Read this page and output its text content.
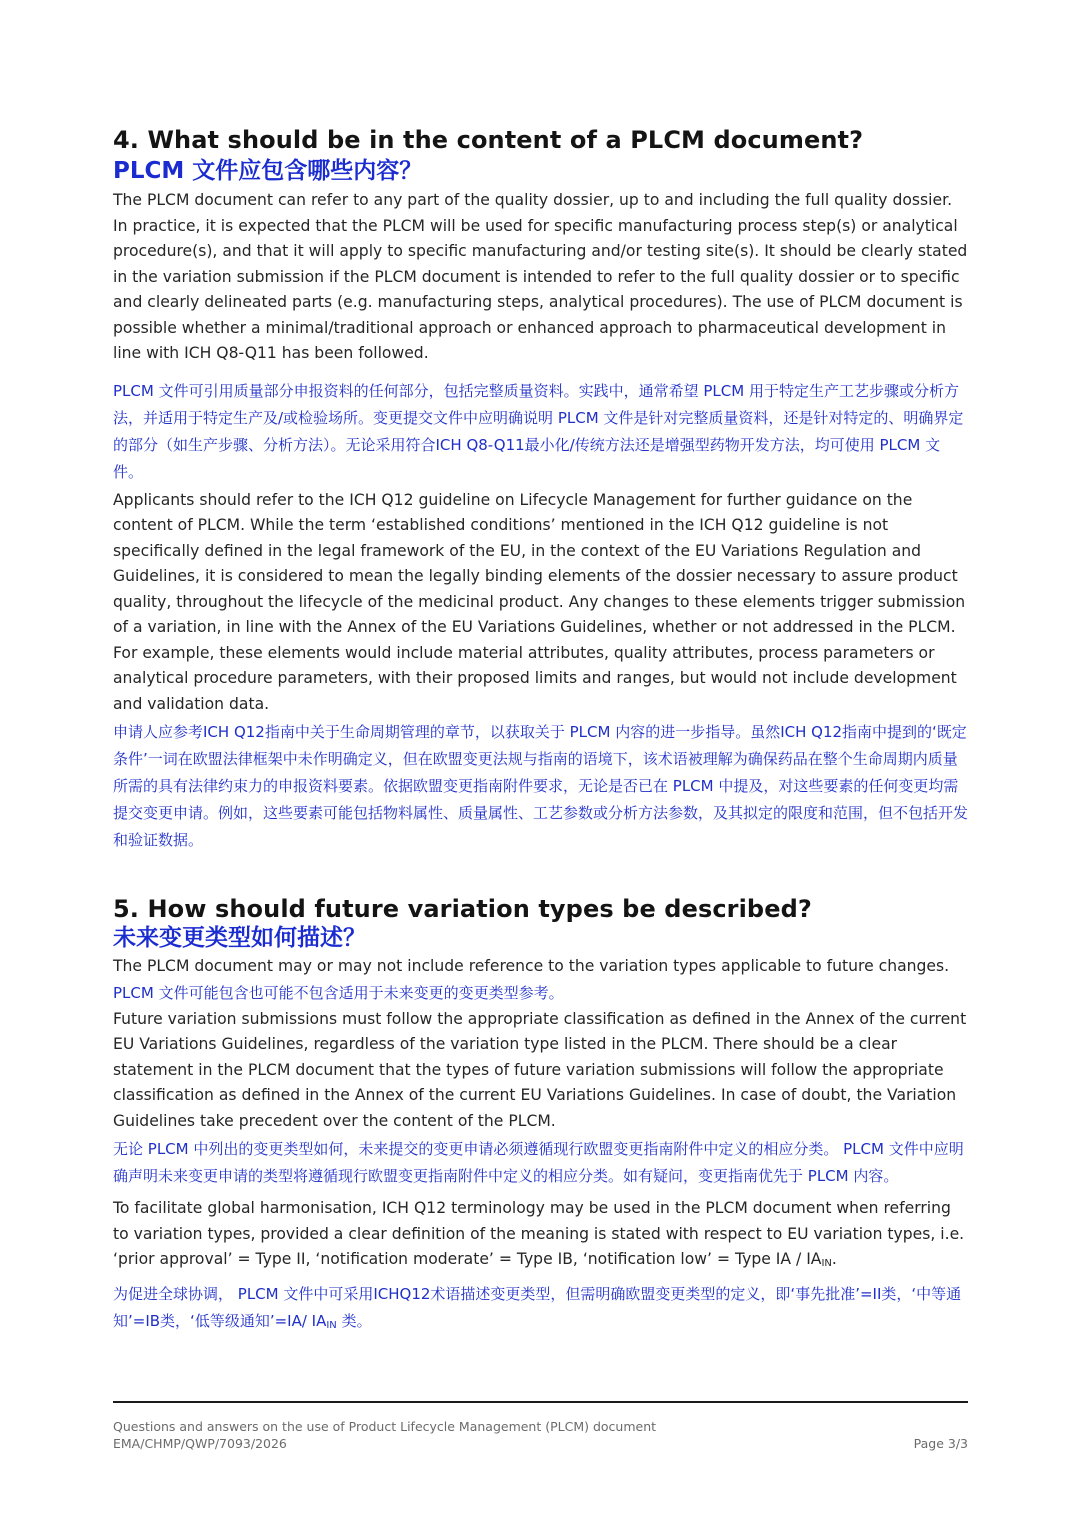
4. What should be in the content of a PLCM document?
PLCM 文件应包含哪些内容？

The PLCM document can refer to any part of the quality dossier, up to and including the full quality dossier. In practice, it is expected that the PLCM will be used for specific manufacturing process step(s) or analytical procedure(s), and that it will apply to specific manufacturing and/or testing site(s). It should be clearly stated in the variation submission if the PLCM document is intended to refer to the full quality dossier or to specific and clearly delineated parts (e.g. manufacturing steps, analytical procedures). The use of PLCM document is possible whether a minimal/traditional approach or enhanced approach to pharmaceutical development in line with ICH Q8-Q11 has been followed.

PLCM 文件可引用质量部分申报资料的任何部分，包括完整质量资料。实践中，通常希望 PLCM 用于特定生产工艺步骤或分析方法，并适用于特定生产及/或检验场所。变更提交文件中应明确说明 PLCM 文件是针对完整质量资料，还是针对特定的、明确界定的部分（如生产步骤、分析方法）。无论采用符合ICH Q8-Q11最小化/传统方法还是增强型药物开发方法，均可使用 PLCM 文件。

Applicants should refer to the ICH Q12 guideline on Lifecycle Management for further guidance on the content of PLCM. While the term ‘established conditions’ mentioned in the ICH Q12 guideline is not specifically defined in the legal framework of the EU, in the context of the EU Variations Regulation and Guidelines, it is considered to mean the legally binding elements of the dossier necessary to assure product quality, throughout the lifecycle of the medicinal product. Any changes to these elements trigger submission of a variation, in line with the Annex of the EU Variations Guidelines, whether or not addressed in the PLCM. For example, these elements would include material attributes, quality attributes, process parameters or analytical procedure parameters, with their proposed limits and ranges, but would not include development and validation data.

申请人应参考ICH Q12指南中关于生命周期管理的章节，以获取关于 PLCM 内容的进一步指导。虽然ICH Q12指南中提到的‘既定条件’一词在欧盟法律框架中未作明确定义，但在欧盟变更法规与指南的语境下，该术语被理解为确保药品在整个生命周期内质量所需的具有法律约束力的申报资料要素。依据欧盟变更指南附件要求，无论是否已在 PLCM 中提及，对这些要素的任何变更均需提交变更申请。例如，这些要素可能包括物料属性、质量属性、工艺参数或分析方法参数，及其拟定的限度和范围，但不包括开发和验证数据。

5. How should future variation types be described?
未来变更类型如何描述？

The PLCM document may or may not include reference to the variation types applicable to future changes.

PLCM 文件可能包含也可能不包含适用于未来变更的变更类型参考。

Future variation submissions must follow the appropriate classification as defined in the Annex of the current EU Variations Guidelines, regardless of the variation type listed in the PLCM. There should be a clear statement in the PLCM document that the types of future variation submissions will follow the appropriate classification as defined in the Annex of the current EU Variations Guidelines. In case of doubt, the Variation Guidelines take precedent over the content of the PLCM.

无论 PLCM 中列出的变更类型如何，未来提交的变更申请必须遵循现行欧盟变更指南附件中定义的相应分类。 PLCM 文件中应明确声明未来变更申请的类型将遵循现行欧盟变更指南附件中定义的相应分类。如有疑问，变更指南优先于 PLCM 内容。

To facilitate global harmonisation, ICH Q12 terminology may be used in the PLCM document when referring to variation types, provided a clear definition of the meaning is stated with respect to EU variation types, i.e. ‘prior approval’ = Type II, ‘notification moderate’ = Type IB, ‘notification low’ = Type IA / $IA_{IN}$.

为促进全球协调， PLCM 文件中可采用ICHQ12术语描述变更类型，但需明确欧盟变更类型的定义，即‘事先批准’=II类，‘中等通知’=IB类，‘低等级通知’=IA/ $IA_{IN}$ 类。

Questions and answers on the use of Product Lifecycle Management (PLCM) document
EMA/CHMP/QWP/7093/2026	Page 3/3
